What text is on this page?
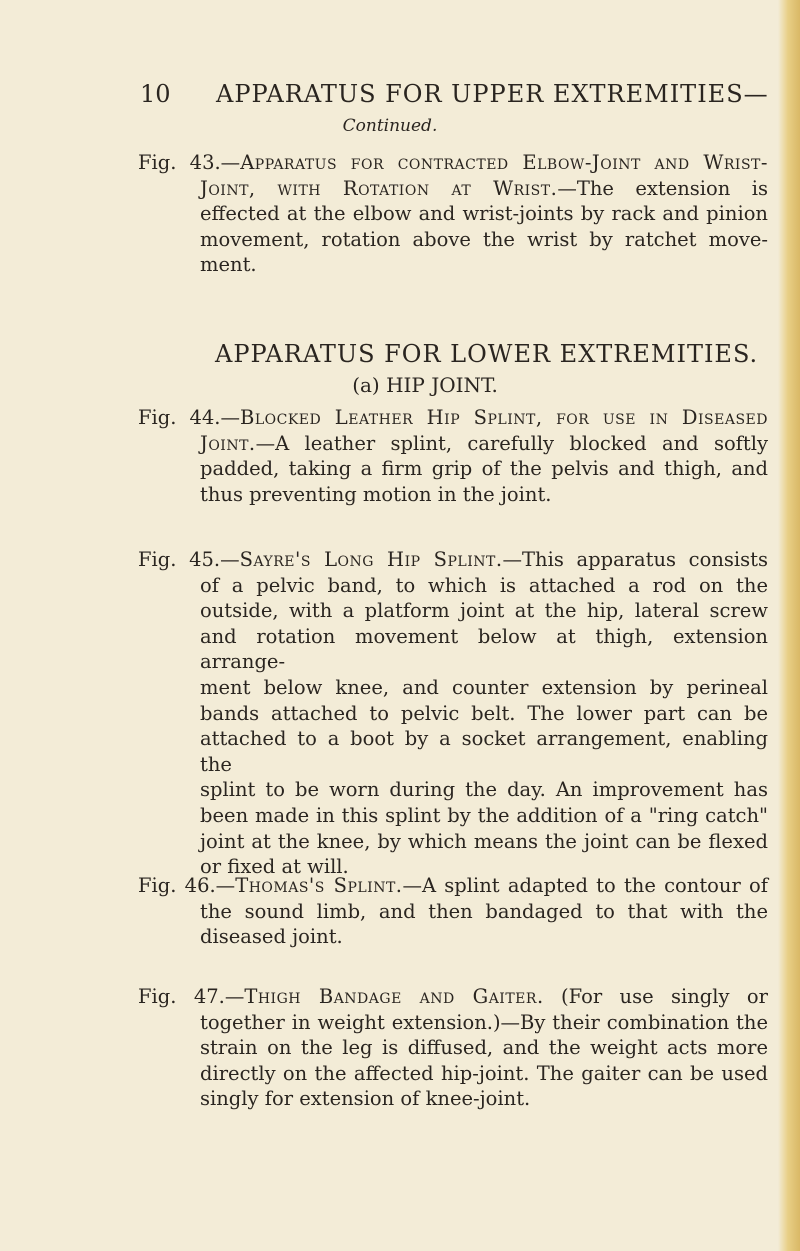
10 APPARATUS FOR UPPER EXTREMITIES—
Continued.
Fig. 43.—Apparatus for contracted Elbow-Joint and Wrist-
Joint, with Rotation at Wrist.—The extension is
effected at the elbow and wrist-joints by rack and pinion
movement, rotation above the wrist by ratchet move-
ment.
APPARATUS FOR LOWER EXTREMITIES.
(a) HIP JOINT.
Fig. 44.—Blocked Leather Hip Splint, for use in Diseased
Joint.—A leather splint, carefully blocked and softly
padded, taking a firm grip of the pelvis and thigh, and
thus preventing motion in the joint.
Fig. 45.—Sayre's Long Hip Splint.—This apparatus consists
of a pelvic band, to which is attached a rod on the
outside, with a platform joint at the hip, lateral screw
and rotation movement below at thigh, extension arrange-
ment below knee, and counter extension by perineal
bands attached to pelvic belt. The lower part can be
attached to a boot by a socket arrangement, enabling the
splint to be worn during the day. An improvement has
been made in this splint by the addition of a "ring catch"
joint at the knee, by which means the joint can be flexed
or fixed at will.
Fig. 46.—Thomas's Splint.—A splint adapted to the contour of
the sound limb, and then bandaged to that with the
diseased joint.
Fig. 47.—Thigh Bandage and Gaiter. (For use singly or
together in weight extension.)—By their combination the
strain on the leg is diffused, and the weight acts more
directly on the affected hip-joint. The gaiter can be used
singly for extension of knee-joint.
